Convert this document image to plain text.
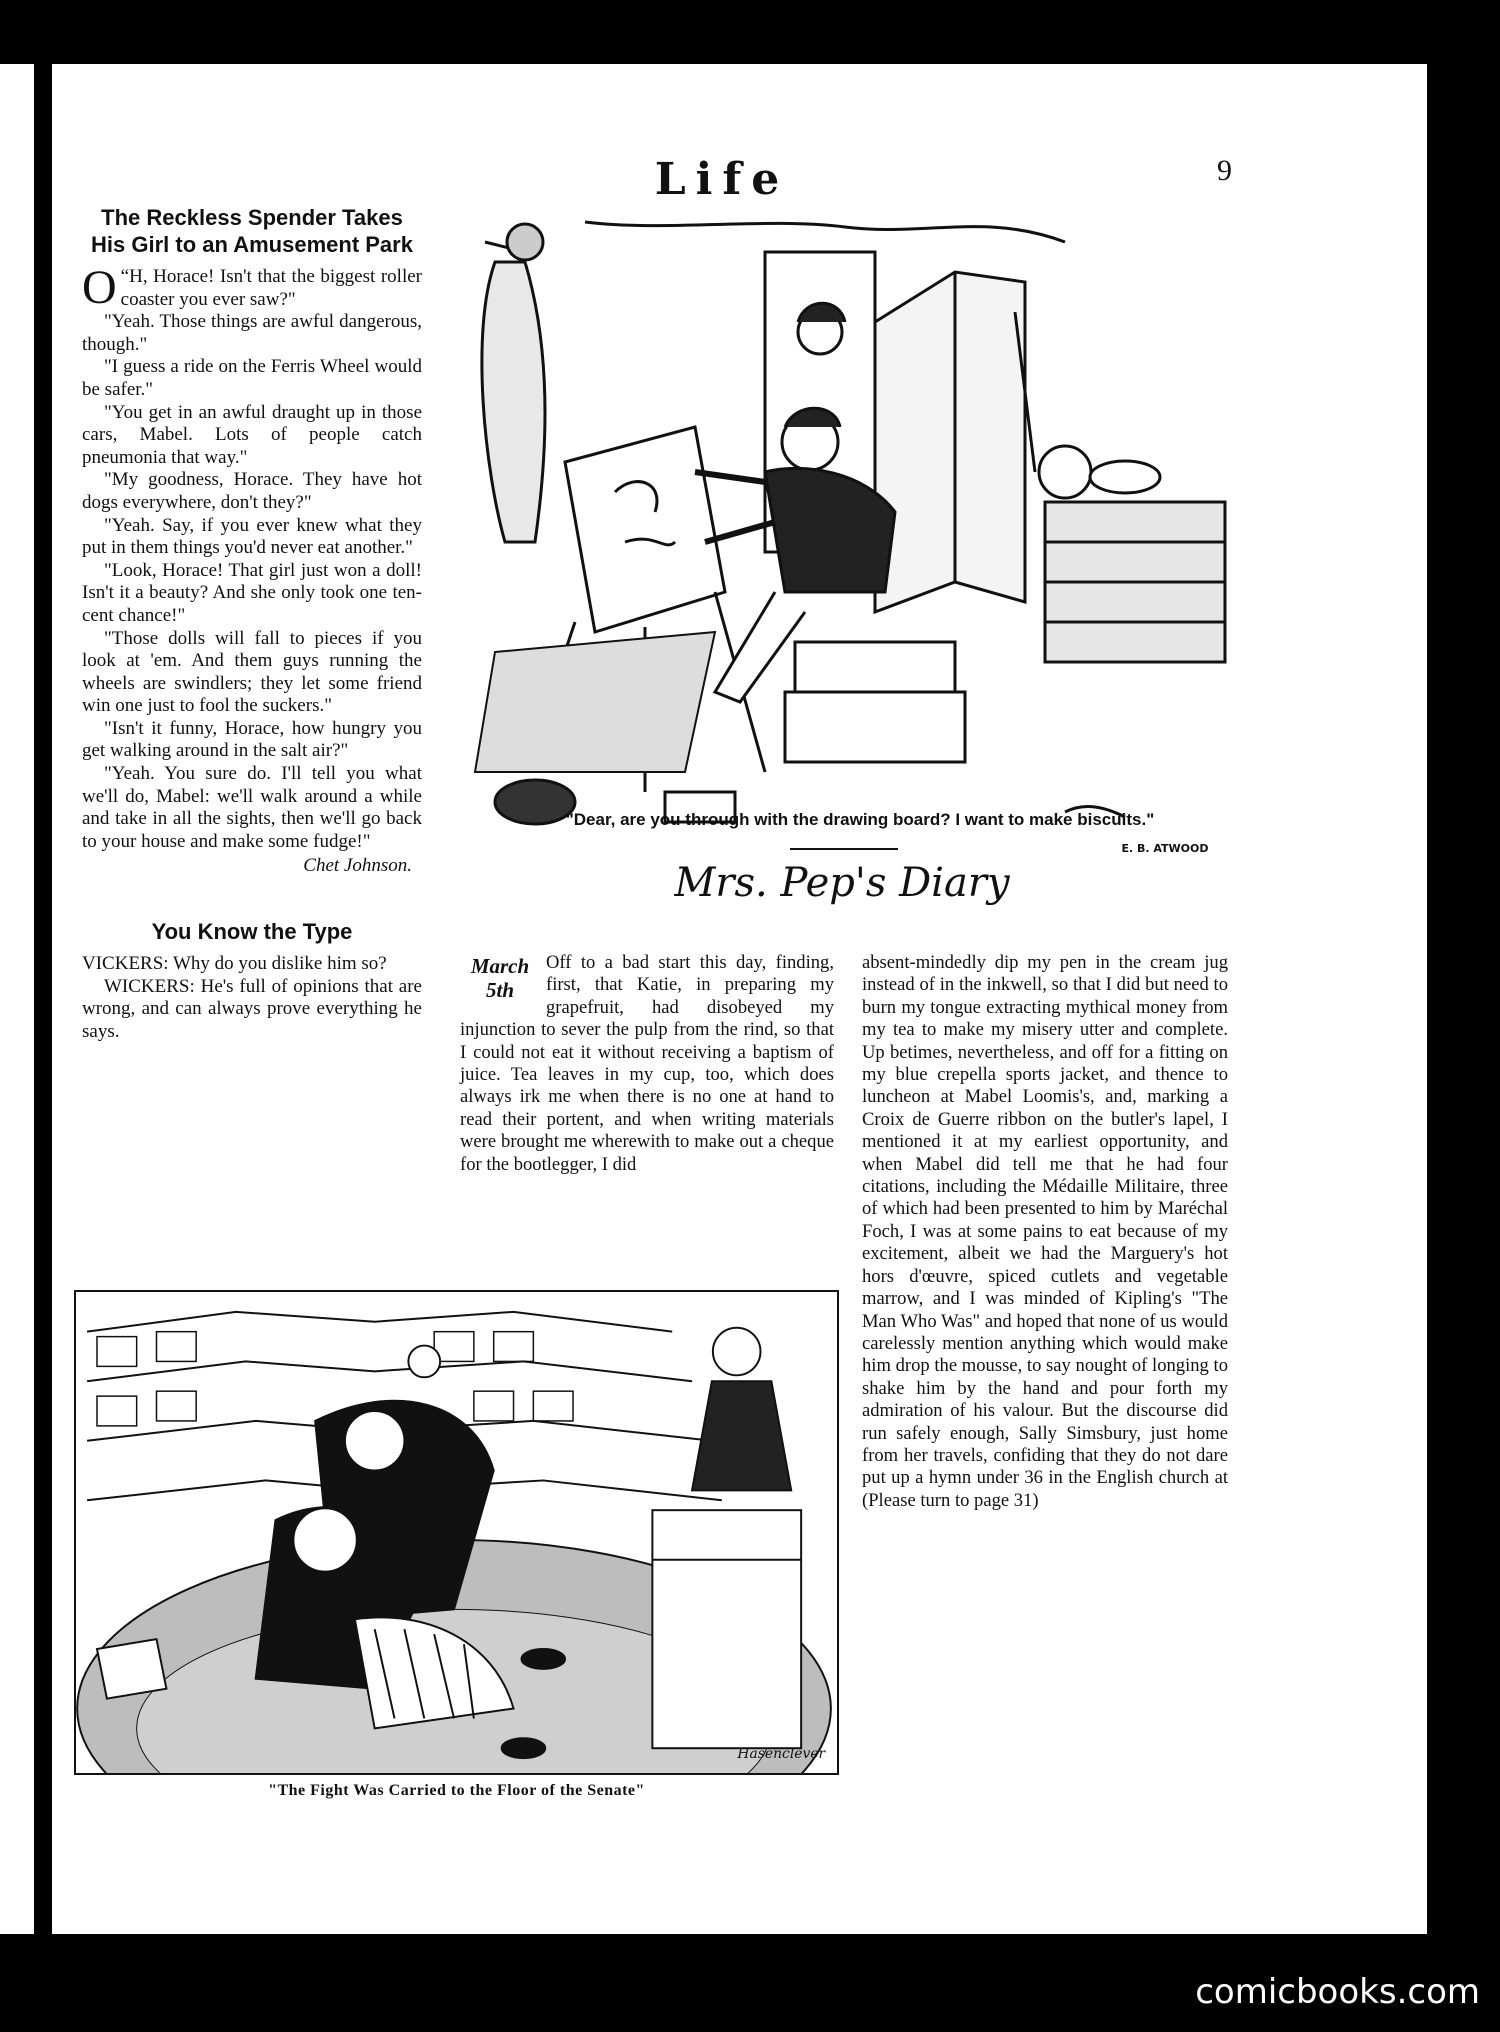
Life	9
The Reckless Spender Takes His Girl to an Amusement Park

O “H, Horace! Isn't that the biggest roller coaster you ever saw?"

"Yeah. Those things are awful dangerous, though."

"I guess a ride on the Ferris Wheel would be safer."

"You get in an awful draught up in those cars, Mabel. Lots of people catch pneumonia that way."

"My goodness, Horace. They have hot dogs everywhere, don't they?"

"Yeah. Say, if you ever knew what they put in them things you'd never eat another."

"Look, Horace! That girl just won a doll! Isn't it a beauty? And she only took one ten-cent chance!"

"Those dolls will fall to pieces if you look at 'em. And them guys running the wheels are swindlers; they let some friend win one just to fool the suckers."

"Isn't it funny, Horace, how hungry you get walking around in the salt air?"

"Yeah. You sure do. I'll tell you what we'll do, Mabel: we'll walk around a while and take in all the sights, then we'll go back to your house and make some fudge!"

Chet Johnson.
You Know the Type

VICKERS: Why do you dislike him so?

WICKERS: He's full of opinions that are wrong, and can always prove everything he says.

E. B. ATWOOD
"Dear, are you through with the drawing board? I want to make biscuits."
Mrs. Pep's Diary
March 5th
Off to a bad start this day, finding, first, that Katie, in preparing my grapefruit, had disobeyed my injunction to sever the pulp from the rind, so that I could not eat it without receiving a baptism of juice. Tea leaves in my cup, too, which does always irk me when there is no one at hand to read their portent, and when writing materials were brought me wherewith to make out a cheque for the bootlegger, I did
absent-mindedly dip my pen in the cream jug instead of in the inkwell, so that I did but need to burn my tongue extracting mythical money from my tea to make my misery utter and complete. Up betimes, nevertheless, and off for a fitting on my blue crepella sports jacket, and thence to luncheon at Mabel Loomis's, and, marking a Croix de Guerre ribbon on the butler's lapel, I mentioned it at my earliest opportunity, and when Mabel did tell me that he had four citations, including the Médaille Militaire, three of which had been presented to him by Maréchal Foch, I was at some pains to eat because of my excitement, albeit we had the Marguery's hot hors d'œuvre, spiced cutlets and vegetable marrow, and I was minded of Kipling's "The Man Who Was" and hoped that none of us would carelessly mention anything which would make him drop the mousse, to say nought of longing to shake him by the hand and pour forth my admiration of his valour. But the discourse did run safely enough, Sally Simsbury, just home from her travels, confiding that they do not dare put up a hymn under 36 in the English church at (Please turn to page 31)
Hasenclever
"The Fight Was Carried to the Floor of the Senate"
comicbooks.com
